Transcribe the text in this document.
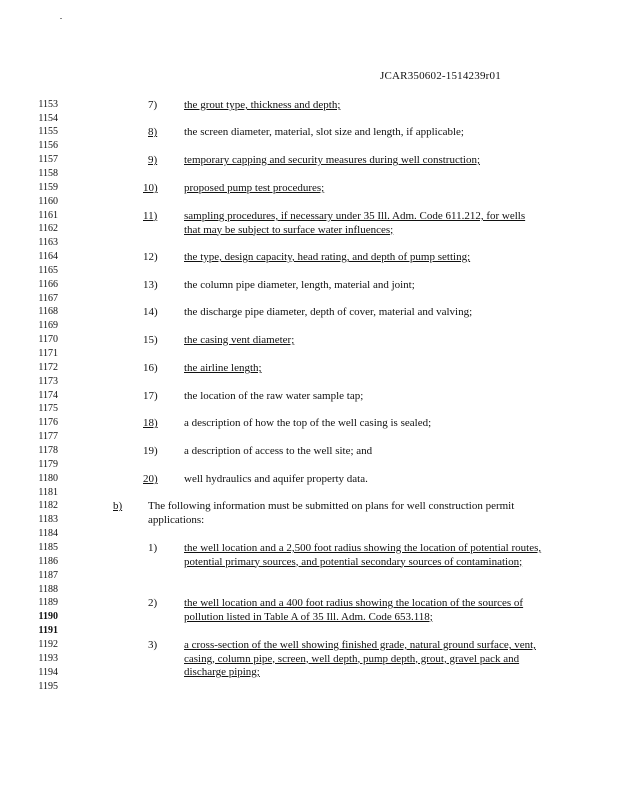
JCAR350602-1514239r01
1153
1154
1155
1156
1157
1158
1159
1160
1161
1162
1163
1164
1165
1166
1167
1168
1169
1170
1171
1172
1173
1174
1175
1176
1177
1178
1179
1180
1181
1182
1183
1184
1185
1186
1187
1188
1189
1190
1191
1192
1193
1194
1195
7) the grout type, thickness and depth;
8) the screen diameter, material, slot size and length, if applicable;
9) temporary capping and security measures during well construction;
10) proposed pump test procedures;
11) sampling procedures, if necessary under 35 Ill. Adm. Code 611.212, for wells that may be subject to surface water influences;
12) the type, design capacity, head rating, and depth of pump setting;
13) the column pipe diameter, length, material and joint;
14) the discharge pipe diameter, depth of cover, material and valving;
15) the casing vent diameter;
16) the airline length;
17) the location of the raw water sample tap;
18) a description of how the top of the well casing is sealed;
19) a description of access to the well site; and
20) well hydraulics and aquifer property data.
b) The following information must be submitted on plans for well construction permit applications:
1) the well location and a 2,500 foot radius showing the location of potential routes, potential primary sources, and potential secondary sources of contamination;
2) the well location and a 400 foot radius showing the location of the sources of pollution listed in Table A of 35 Ill. Adm. Code 653.118;
3) a cross-section of the well showing finished grade, natural ground surface, vent, casing, column pipe, screen, well depth, pump depth, grout, gravel pack and discharge piping;
